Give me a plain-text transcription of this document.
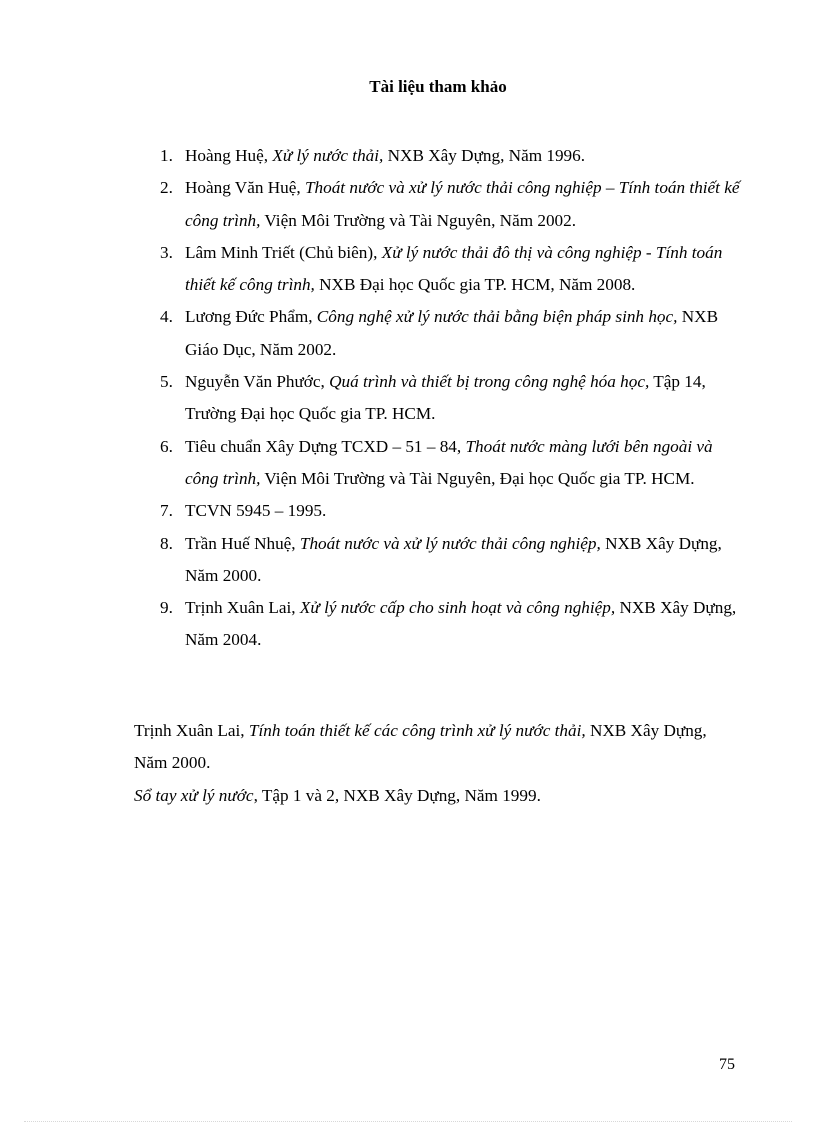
Tài liệu tham khảo
1. Hoàng Huệ, Xử lý nước thải, NXB Xây Dựng, Năm 1996.
2. Hoàng Văn Huệ, Thoát nước và xử lý nước thải công nghiệp – Tính toán thiết kế công trình, Viện Môi Trường và Tài Nguyên, Năm 2002.
3. Lâm Minh Triết (Chủ biên), Xử lý nước thải đô thị và công nghiệp - Tính toán thiết kế công trình, NXB Đại học Quốc gia TP. HCM, Năm 2008.
4. Lương Đức Phẩm, Công nghệ xử lý nước thải bằng biện pháp sinh học, NXB Giáo Dục, Năm 2002.
5. Nguyễn Văn Phước, Quá trình và thiết bị trong công nghệ hóa học, Tập 14, Trường Đại học Quốc gia TP. HCM.
6. Tiêu chuẩn Xây Dựng TCXD – 51 – 84, Thoát nước màng lưới bên ngoài và công trình, Viện Môi Trường và Tài Nguyên, Đại học Quốc gia TP. HCM.
7. TCVN 5945 – 1995.
8. Trần Huế Nhuệ, Thoát nước và xử lý nước thải công nghiệp, NXB Xây Dựng, Năm 2000.
9. Trịnh Xuân Lai, Xử lý nước cấp cho sinh hoạt và công nghiệp, NXB Xây Dựng, Năm 2004.

Trịnh Xuân Lai, Tính toán thiết kế các công trình xử lý nước thải, NXB Xây Dựng, Năm 2000.

Sổ tay xử lý nước, Tập 1 và 2, NXB Xây Dựng, Năm 1999.

75
